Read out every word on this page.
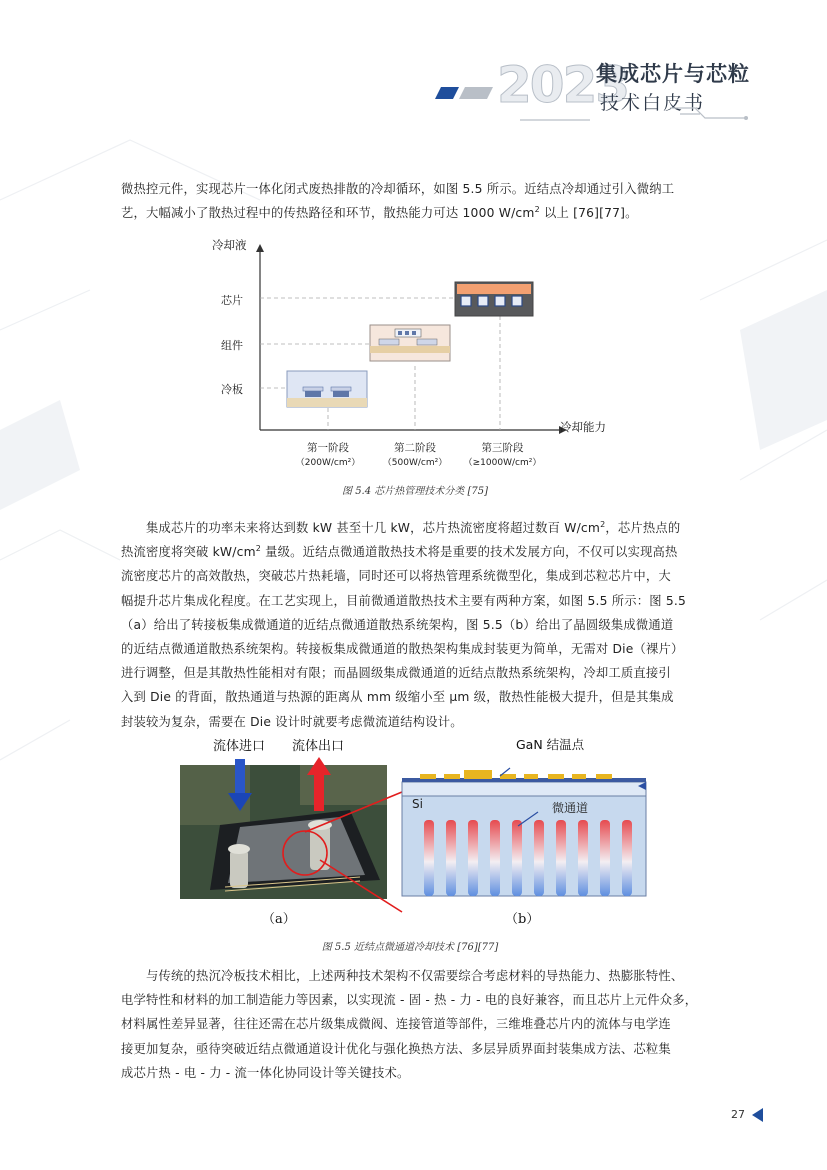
2023
集成芯片与芯粒
技术白皮书
微热控元件，实现芯片一体化闭式废热排散的冷却循环，如图 5.5 所示。近结点冷却通过引入微纳工
艺，大幅减小了散热过程中的传热路径和环节，散热能力可达 1000 $W/cm^2$ 以上 [76][77]。
冷却液
冷却能力
芯片
组件
冷板
第一阶段
（200W/cm²）
第二阶段
（500W/cm²）
第三阶段
（≥1000W/cm²）
图 5.4 芯片热管理技术分类 [75]
集成芯片的功率未来将达到数 kW 甚至十几 kW，芯片热流密度将超过数百 $W/cm^2$，芯片热点的
热流密度将突破 $kW/cm^2$ 量级。近结点微通道散热技术将是重要的技术发展方向，不仅可以实现高热
流密度芯片的高效散热，突破芯片热耗墙，同时还可以将热管理系统微型化，集成到芯粒芯片中，大
幅提升芯片集成化程度。在工艺实现上，目前微通道散热技术主要有两种方案，如图 5.5 所示：图 5.5
（a）给出了转接板集成微通道的近结点微通道散热系统架构，图 5.5（b）给出了晶圆级集成微通道
的近结点微通道散热系统架构。转接板集成微通道的散热架构集成封装更为简单，无需对 Die（裸片）
进行调整，但是其散热性能相对有限；而晶圆级集成微通道的近结点散热系统架构，冷却工质直接引
入到 Die 的背面，散热通道与热源的距离从 mm 级缩小至 μm 级，散热性能极大提升，但是其集成
封装较为复杂，需要在 Die 设计时就要考虑微流道结构设计。
流体进口 流体出口	GaN 结温点
Si	微通道
（a）	（b）
图 5.5 近结点微通道冷却技术 [76][77]
与传统的热沉冷板技术相比，上述两种技术架构不仅需要综合考虑材料的导热能力、热膨胀特性、
电学特性和材料的加工制造能力等因素，以实现流 - 固 - 热 - 力 - 电的良好兼容，而且芯片上元件众多，
材料属性差异显著，往往还需在芯片级集成微阀、连接管道等部件，三维堆叠芯片内的流体与电学连
接更加复杂，亟待突破近结点微通道设计优化与强化换热方法、多层异质界面封装集成方法、芯粒集
成芯片热 - 电 - 力 - 流一体化协同设计等关键技术。
27
